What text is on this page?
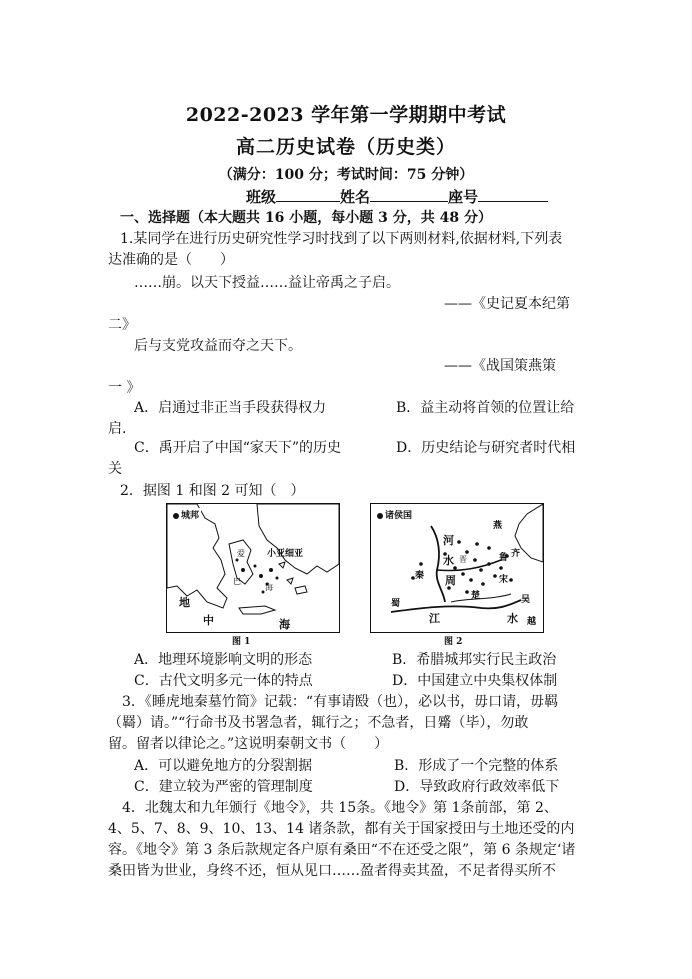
2022-2023 学年第一学期期中考试
高二历史试卷（历史类）
（满分：100 分；考试时间：75 分钟）
班级	姓名	座号
一、选择题（本大题共 16 小题，每小题 3 分，共 48 分）
1.某同学在进行历史研究性学习时找到了以下两则材料,依据材料,下列表
达准确的是（　　）
……崩。以天下授益……益让帝禹之子启。
——《史记夏本纪第
二》
后与支党攻益而夺之天下。
——《战国策燕策
一 》
A．启通过非正当手段获得权力	B．益主动将首领的位置让给
启.
C．禹开启了中国“家天下”的历史	D．历史结论与研究者时代相
关
2．据图 1 和图 2 可知（　）
城邦
小亚细亚
爱
海
巴
地
中	海
图 1
诸侯国
燕
河
水 晋	鲁 齐
秦 周	宋
楚
蜀
江
吴
水 越
图 2
A．地理环境影响文明的形态	B．希腊城邦实行民主政治
C．古代文明多元一体的特点	D．中国建立中央集权体制
3．《睡虎地秦墓竹简》记载：“有事请殹（也），必以书，毋口请，毋羁
（羇）请。”“行命书及书署急者，辄行之；不急者，日觱（毕），勿敢
留。留者以律论之。”这说明秦朝文书（　　）
A．可以避免地方的分裂割据	B．形成了一个完整的体系
C．建立较为严密的管理制度	D．导致政府行政效率低下
4．北魏太和九年颁行《地令》，共 15条。《地令》第 1条前部，第 2、
4、5、7、8、9、10、13、14 诸条款，都有关于国家授田与土地还受的内
容。《地令》第 3 条后款规定各户原有桑田“不在还受之限”，第 6 条规定‘诸
桑田皆为世业，身终不还，恒从见口……盈者得卖其盈，不足者得买所不
